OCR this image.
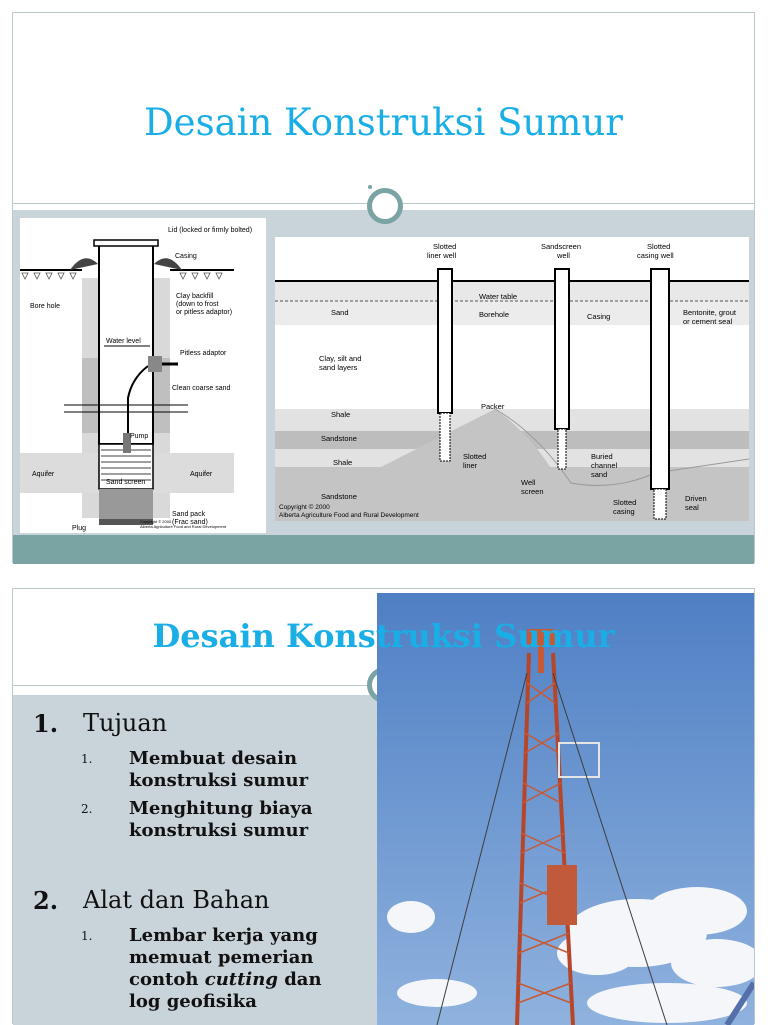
Desain Konstruksi Sumur
Lid (locked or firmly bolted)
Casing
Bore hole
Clay backfill
(down to frost
or pitless adaptor)
Water level
Pitless adaptor
Clean coarse sand
Pump
Aquifer	Aquifer
Sand screen
Sand pack
(Frac sand)
Plug
Copyright © 2000
Alberta Agriculture Food and Rural Development
Slotted
liner well
Sandscreen
well
Slotted
casing well
Water table
Sand	Borehole	Casing	Bentonite, grout
or cement seal
Clay, silt and
sand layers
Shale
Packer
Sandstone
Shale
Slotted
liner
Buried
channel
sand
Well
screen
Sandstone
Slotted
casing
Driven
seal
Copyright © 2000
Alberta Agriculture Food and Rural Development
1.	Tujuan
1.	Membuat desain konstruksi sumur
2.	Menghitung biaya konstruksi sumur
2.	Alat dan Bahan
1.	Lembar kerja yang memuat pemerian contoh cutting dan log geofisika
Desain Konstruksi Sumur
